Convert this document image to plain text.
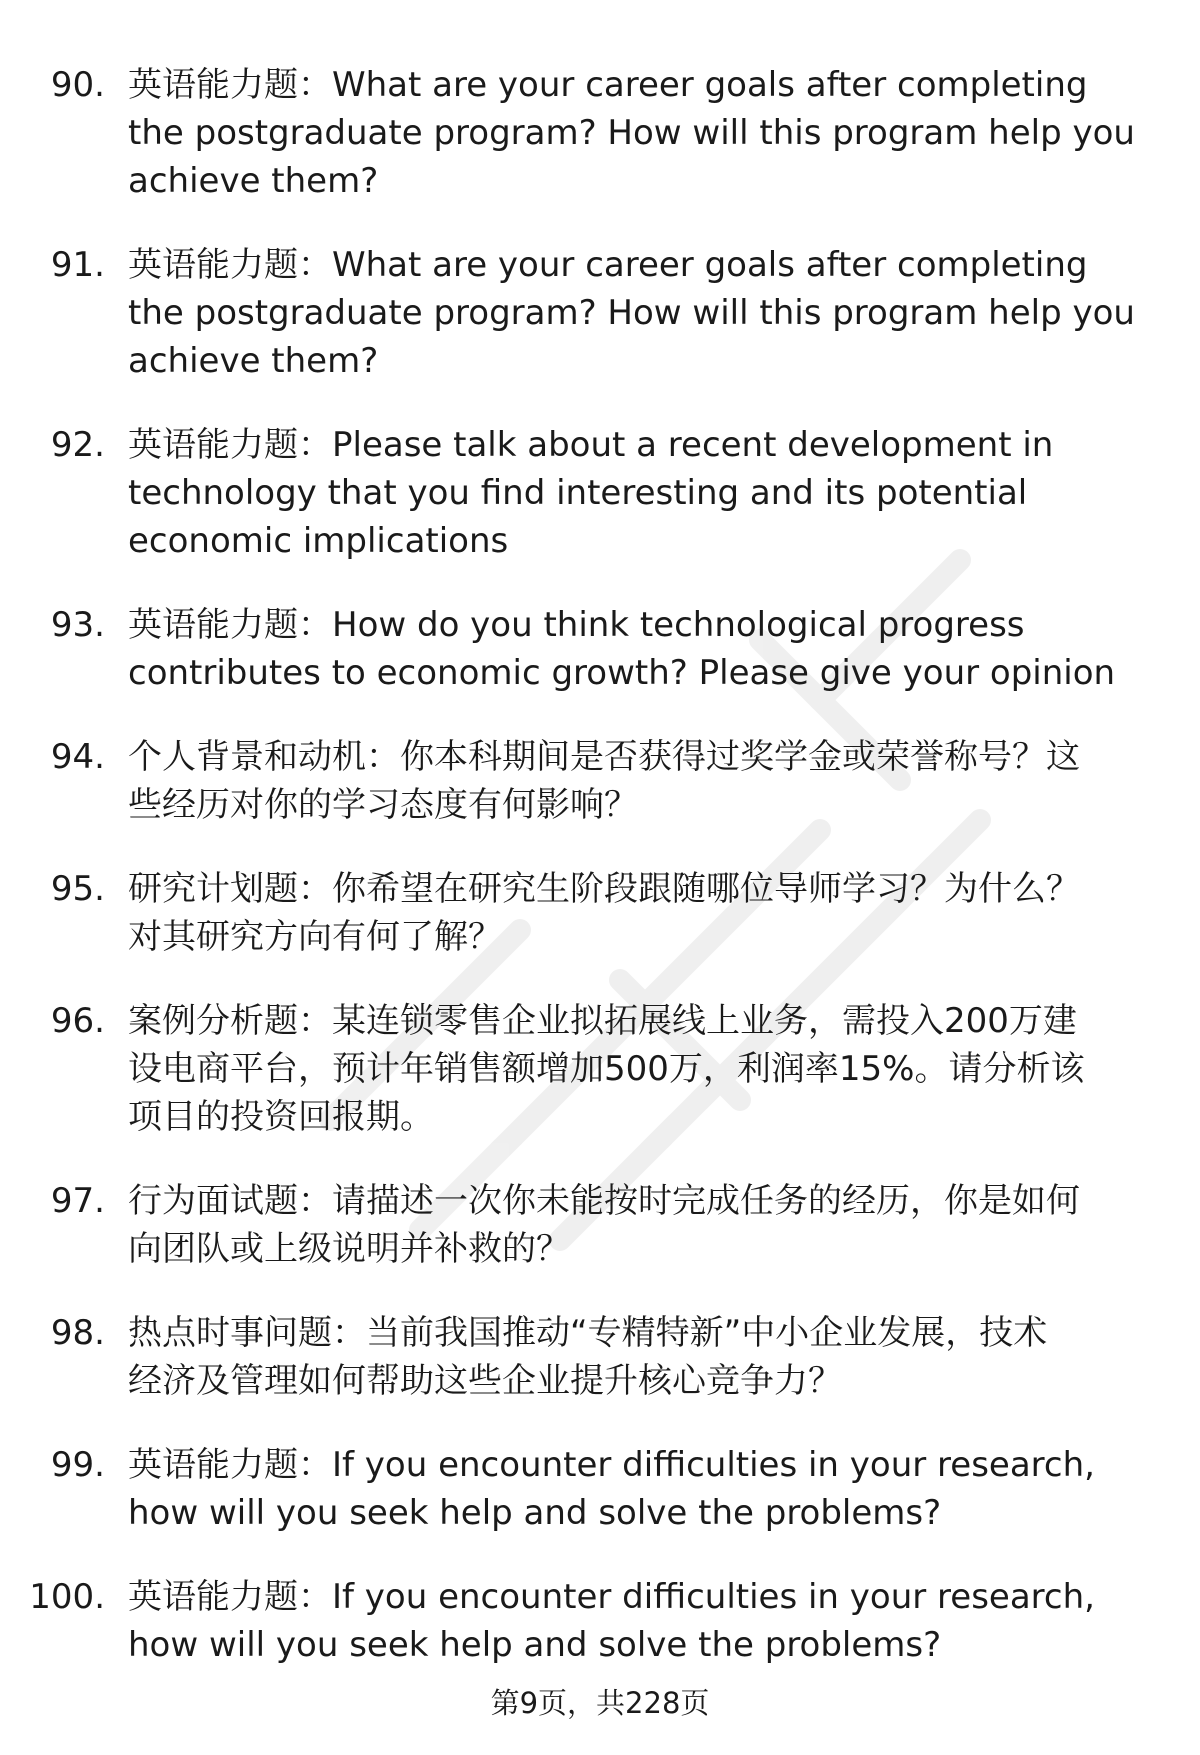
90. 英语能力题：What are your career goals after completing
the postgraduate program? How will this program help you
achieve them?
91. 英语能力题：What are your career goals after completing
the postgraduate program? How will this program help you
achieve them?
92. 英语能力题：Please talk about a recent development in
technology that you find interesting and its potential
economic implications
93. 英语能力题：How do you think technological progress
contributes to economic growth? Please give your opinion
94. 个人背景和动机：你本科期间是否获得过奖学金或荣誉称号？这
些经历对你的学习态度有何影响？
95. 研究计划题：你希望在研究生阶段跟随哪位导师学习？为什么？
对其研究方向有何了解？
96. 案例分析题：某连锁零售企业拟拓展线上业务，需投入200万建
设电商平台，预计年销售额增加500万，利润率15%。请分析该
项目的投资回报期。
97. 行为面试题：请描述一次你未能按时完成任务的经历，你是如何
向团队或上级说明并补救的？
98. 热点时事问题：当前我国推动“专精特新”中小企业发展，技术
经济及管理如何帮助这些企业提升核心竞争力？
99. 英语能力题：If you encounter difficulties in your research,
how will you seek help and solve the problems?
100. 英语能力题：If you encounter difficulties in your research,
how will you seek help and solve the problems?
第9页，共228页
